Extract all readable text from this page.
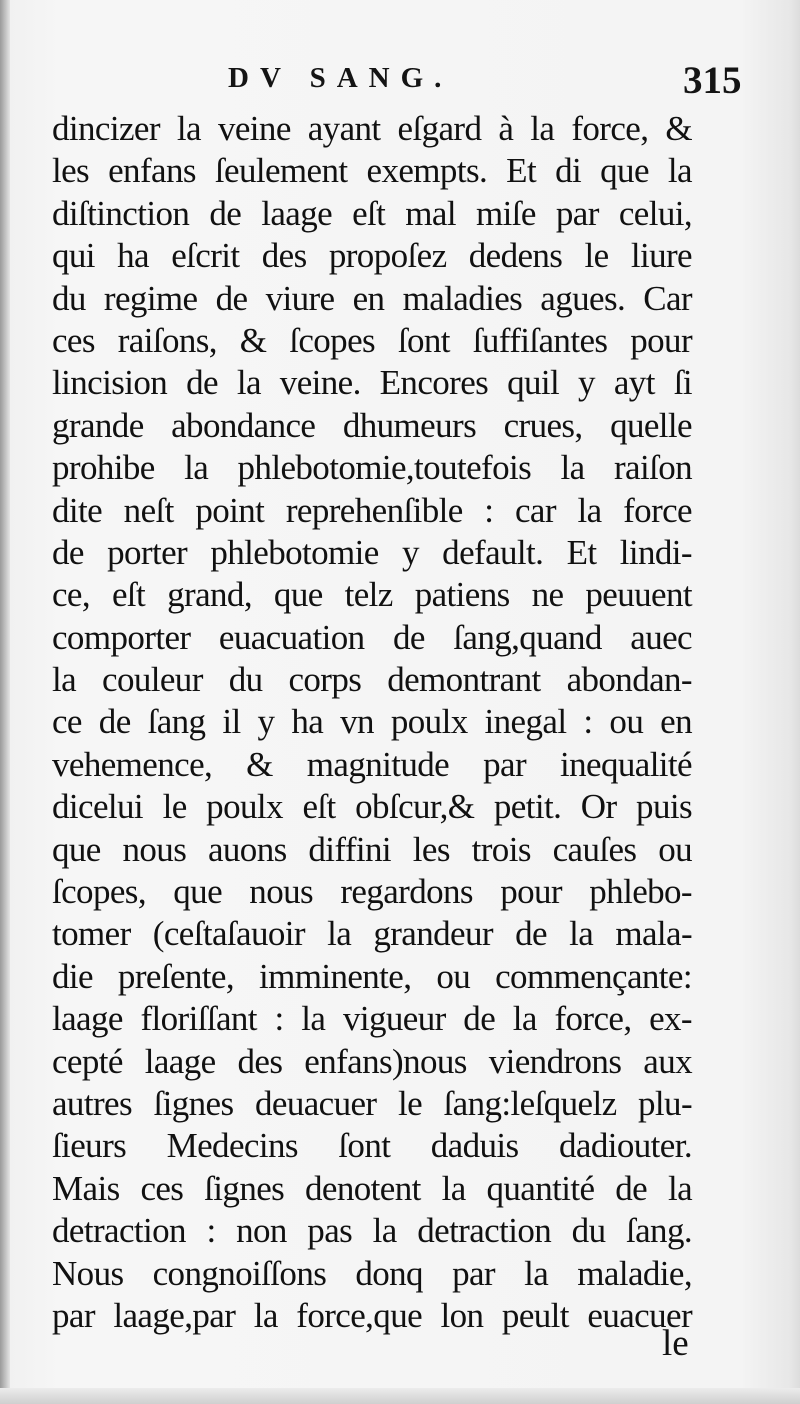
DV SANG.	315
dincizer la veine ayant eſgard à la force, &
les enfans ſeulement exempts. Et di que la
diſtinction de laage eſt mal miſe par celui,
qui ha eſcrit des propoſez dedens le liure
du regime de viure en maladies agues. Car
ces raiſons, & ſcopes ſont ſuffiſantes pour
lincision de la veine. Encores quil y ayt ſi
grande abondance dhumeurs crues, quelle
prohibe la phlebotomie,toutefois la raiſon
dite neſt point reprehenſible : car la force
de porter phlebotomie y default. Et lindi-
ce, eſt grand, que telz patiens ne peuuent
comporter euacuation de ſang,quand auec
la couleur du corps demontrant abondan-
ce de ſang il y ha vn poulx inegal : ou en
vehemence, & magnitude par inequalité
dicelui le poulx eſt obſcur,& petit. Or puis
que nous auons diffini les trois cauſes ou
ſcopes, que nous regardons pour phlebo-
tomer (ceſtaſauoir la grandeur de la mala-
die preſente, imminente, ou commençante:
laage floriſſant : la vigueur de la force, ex-
cepté laage des enfans)nous viendrons aux
autres ſignes deuacuer le ſang:leſquelz plu-
ſieurs Medecins ſont daduis dadiouter.
Mais ces ſignes denotent la quantité de la
detraction : non pas la detraction du ſang.
Nous congnoiſſons donq par la maladie,
par laage,par la force,que lon peult euacuer
le
